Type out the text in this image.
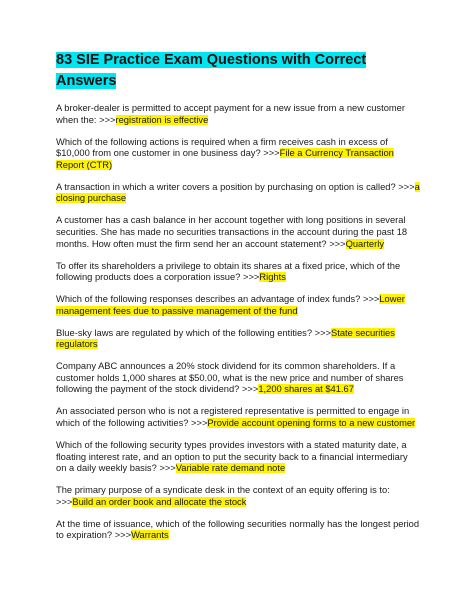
83 SIE Practice Exam Questions with Correct Answers
A broker-dealer is permitted to accept payment for a new issue from a new customer when the: >>>registration is effective
Which of the following actions is required when a firm receives cash in excess of $10,000 from one customer in one business day? >>>File a Currency Transaction Report (CTR)
A transaction in which a writer covers a position by purchasing on option is called? >>>a closing purchase
A customer has a cash balance in her account together with long positions in several securities. She has made no securities transactions in the account during the past 18 months. How often must the firm send her an account statement? >>>Quarterly
To offer its shareholders a privilege to obtain its shares at a fixed price, which of the following products does a corporation issue? >>>Rights
Which of the following responses describes an advantage of index funds? >>>Lower management fees due to passive management of the fund
Blue-sky laws are regulated by which of the following entities? >>>State securities regulators
Company ABC announces a 20% stock dividend for its common shareholders. If a customer holds 1,000 shares at $50.00, what is the new price and number of shares following the payment of the stock dividend? >>>1,200 shares at $41.67
An associated person who is not a registered representative is permitted to engage in which of the following activities? >>>Provide account opening forms to a new customer
Which of the following security types provides investors with a stated maturity date, a floating interest rate, and an option to put the security back to a financial intermediary on a daily weekly basis? >>>Variable rate demand note
The primary purpose of a syndicate desk in the context of an equity offering is to: >>>Build an order book and allocate the stock
At the time of issuance, which of the following securities normally has the longest period to expiration? >>>Warrants
